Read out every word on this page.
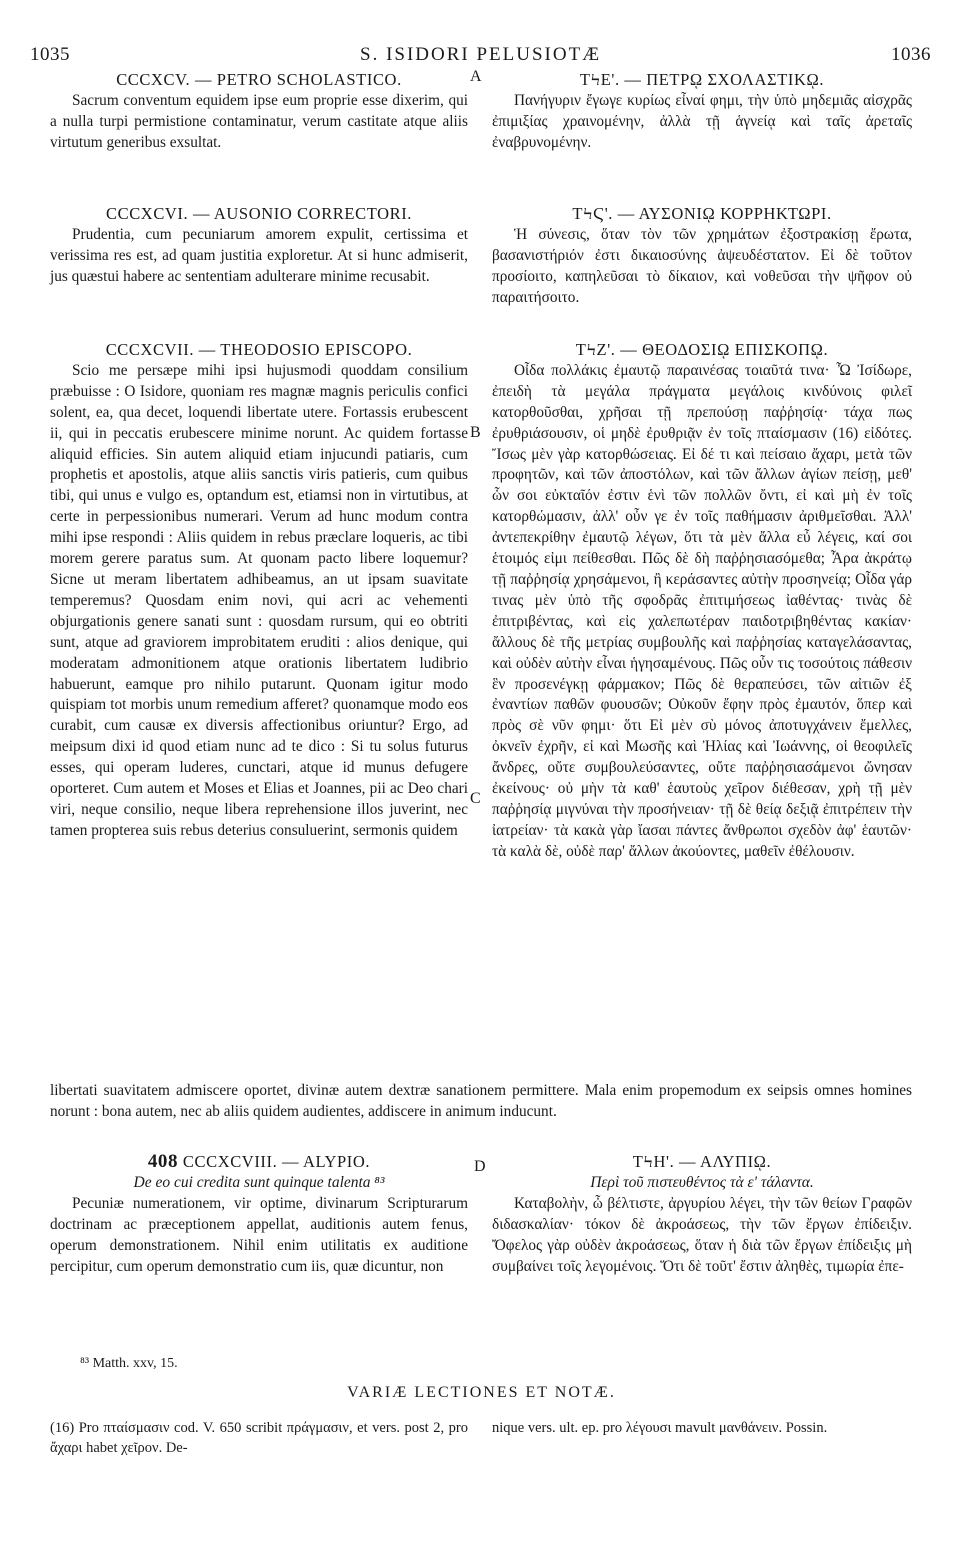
1035	S. ISIDORI PELUSIOTÆ	1036
A
B
C
D

CCCXCV. — PETRO SCHOLASTICO.

Sacrum conventum equidem ipse eum proprie esse dixerim, qui a nulla turpi permistione contaminatur, verum castitate atque aliis virtutum generibus exsultat.

CCCXCVI. — AUSONIO CORRECTORI.

Prudentia, cum pecuniarum amorem expulit, certissima et verissima res est, ad quam justitia exploretur. At si hunc admiserit, jus quæstui habere ac sententiam adulterare minime recusabit.

CCCXCVII. — THEODOSIO EPISCOPO.

Scio me persæpe mihi ipsi hujusmodi quoddam consilium præbuisse : O Isidore, quoniam res magnæ magnis periculis confici solent, ea, qua decet, loquendi libertate utere. Fortassis erubescent ii, qui in peccatis erubescere minime norunt. Ac quidem fortasse aliquid efficies. Sin autem aliquid etiam injucundi patiaris, cum prophetis et apostolis, atque aliis sanctis viris patieris, cum quibus tibi, qui unus e vulgo es, optandum est, etiamsi non in virtutibus, at certe in perpessionibus numerari. Verum ad hunc modum contra mihi ipse respondi : Aliis quidem in rebus præclare loqueris, ac tibi morem gerere paratus sum. At quonam pacto libere loquemur? Sicne ut meram libertatem adhibeamus, an ut ipsam suavitate temperemus? Quosdam enim novi, qui acri ac vehementi objurgationis genere sanati sunt : quosdam rursum, qui eo obtriti sunt, atque ad graviorem improbitatem eruditi : alios denique, qui moderatam admonitionem atque orationis libertatem ludibrio habuerunt, eamque pro nihilo putarunt. Quonam igitur modo quispiam tot morbis unum remedium afferet? quonamque modo eos curabit, cum causæ ex diversis affectionibus oriuntur? Ergo, ad meipsum dixi id quod etiam nunc ad te dico : Si tu solus futurus esses, qui operam luderes, cunctari, atque id munus defugere oporteret. Cum autem et Moses et Elias et Joannes, pii ac Deo chari viri, neque consilio, neque libera reprehensione illos juverint, nec tamen propterea suis rebus deterius consuluerint, sermonis quidem

ΤϞΕ'. — ΠΕΤΡῼ ΣΧΟΛΑΣΤΙΚῼ.

Πανήγυριν ἔγωγε κυρίως εἶναί φημι, τὴν ὑπὸ μηδεμιᾶς αἰσχρᾶς ἐπιμιξίας χραινομένην, ἀλλὰ τῇ ἁγνείᾳ καὶ ταῖς ἀρεταῖς ἐναβρυνομένην.

ΤϞϚ'. — ΑΥΣΟΝΙῼ ΚΟΡΡΗΚΤΩΡΙ.

Ἡ σύνεσις, ὅταν τὸν τῶν χρημάτων ἐξοστρακίσῃ ἔρωτα, βασανιστήριόν ἐστι δικαιοσύνης ἀψευδέστατον. Εἰ δὲ τοῦτον προσίοιτο, καπηλεῦσαι τὸ δίκαιον, καὶ νοθεῦσαι τὴν ψῆφον οὐ παραιτήσοιτο.

ΤϞΖ'. — ΘΕΟΔΟΣΙῼ ΕΠΙΣΚΟΠῼ.

Οἶδα πολλάκις ἐμαυτῷ παραινέσας τοιαῦτά τινα· Ὦ Ἰσίδωρε, ἐπειδὴ τὰ μεγάλα πράγματα μεγάλοις κινδύνοις φιλεῖ κατορθοῦσθαι, χρῆσαι τῇ πρεπούσῃ παῤῥησίᾳ· τάχα πως ἐρυθριάσουσιν, οἱ μηδὲ ἐρυθριᾷν ἐν τοῖς πταίσμασιν (16) εἰδότες. Ἴσως μὲν γὰρ κατορθώσειας. Εἰ δέ τι καὶ πείσαιο ἄχαρι, μετὰ τῶν προφητῶν, καὶ τῶν ἀποστόλων, καὶ τῶν ἄλλων ἁγίων πείσῃ, μεθ' ὧν σοι εὐκταῖόν ἐστιν ἑνὶ τῶν πολλῶν ὄντι, εἰ καὶ μὴ ἐν τοῖς κατορθώμασιν, ἀλλ' οὖν γε ἐν τοῖς παθήμασιν ἀριθμεῖσθαι. Ἀλλ' ἀντεπεκρίθην ἐμαυτῷ λέγων, ὅτι τὰ μὲν ἄλλα εὖ λέγεις, καί σοι ἑτοιμός εἰμι πείθεσθαι. Πῶς δὲ δὴ παῤῥησιασόμεθα; Ἆρα ἀκράτῳ τῇ παῤῥησίᾳ χρησάμενοι, ἢ κεράσαντες αὐτὴν προσηνείᾳ; Οἶδα γάρ τινας μὲν ὑπὸ τῆς σφοδρᾶς ἐπιτιμήσεως ἰαθέντας· τινὰς δὲ ἐπιτριβέντας, καὶ εἰς χαλεπωτέραν παιδοτριβηθέντας κακίαν· ἄλλους δὲ τῆς μετρίας συμβουλῆς καὶ παῤῥησίας καταγελάσαντας, καὶ οὐδὲν αὐτὴν εἶναι ἡγησαμένους. Πῶς οὖν τις τοσούτοις πάθεσιν ἓν προσενέγκῃ φάρμακον; Πῶς δὲ θεραπεύσει, τῶν αἰτιῶν ἐξ ἐναντίων παθῶν φυουσῶν; Οὐκοῦν ἔφην πρὸς ἐμαυτόν, ὅπερ καὶ πρὸς σὲ νῦν φημι· ὅτι Εἰ μὲν σὺ μόνος ἀποτυγχάνειν ἔμελλες, ὀκνεῖν ἐχρῆν, εἰ καὶ Μωσῆς καὶ Ἠλίας καὶ Ἰωάννης, οἱ θεοφιλεῖς ἄνδρες, οὔτε συμβουλεύσαντες, οὔτε παῤῥησιασάμενοι ὤνησαν ἐκείνους· οὐ μὴν τὰ καθ' ἑαυτοὺς χεῖρον διέθεσαν, χρὴ τῇ μὲν παῤῥησίᾳ μιγνύναι τὴν προσήνειαν· τῇ δὲ θείᾳ δεξιᾷ ἐπιτρέπειν τὴν ἰατρείαν· τὰ κακὰ γὰρ ἴασαι πάντες ἄνθρωποι σχεδὸν ἀφ' ἑαυτῶν· τὰ καλὰ δὲ, οὐδὲ παρ' ἄλλων ἀκούοντες, μαθεῖν ἐθέλουσιν.

libertati suavitatem admiscere oportet, divinæ autem dextræ sanationem permittere. Mala enim propemodum ex seipsis omnes homines norunt : bona autem, nec ab aliis quidem audientes, addiscere in animum inducunt.

408 CCCXCVIII. — ALYPIO.

De eo cui credita sunt quinque talenta ⁸³

Pecuniæ numerationem, vir optime, divinarum Scripturarum doctrinam ac præceptionem appellat, auditionis autem fenus, operum demonstrationem. Nihil enim utilitatis ex auditione percipitur, cum operum demonstratio cum iis, quæ dicuntur, non

ΤϞΗ'. — ΑΛΥΠΙῼ.

Περὶ τοῦ πιστευθέντος τὰ ε' τάλαντα.

Καταβολὴν, ὦ βέλτιστε, ἀργυρίου λέγει, τὴν τῶν θείων Γραφῶν διδασκαλίαν· τόκον δὲ ἀκροάσεως, τὴν τῶν ἔργων ἐπίδειξιν. Ὄφελος γὰρ οὐδὲν ἀκροάσεως, ὅταν ἡ διὰ τῶν ἔργων ἐπίδειξις μὴ συμβαίνει τοῖς λεγομένοις. Ὅτι δὲ τοῦτ' ἔστιν ἀληθὲς, τιμωρία ἐπε-

⁸³ Matth. xxv, 15.
VARIÆ LECTIONES ET NOTÆ.

(16) Pro πταίσμασιν cod. V. 650 scribit πράγμασιν, et vers. post 2, pro ἄχαρι habet χεῖρον. De-

nique vers. ult. ep. pro λέγουσι mavult μανθάνειν. Possin.
